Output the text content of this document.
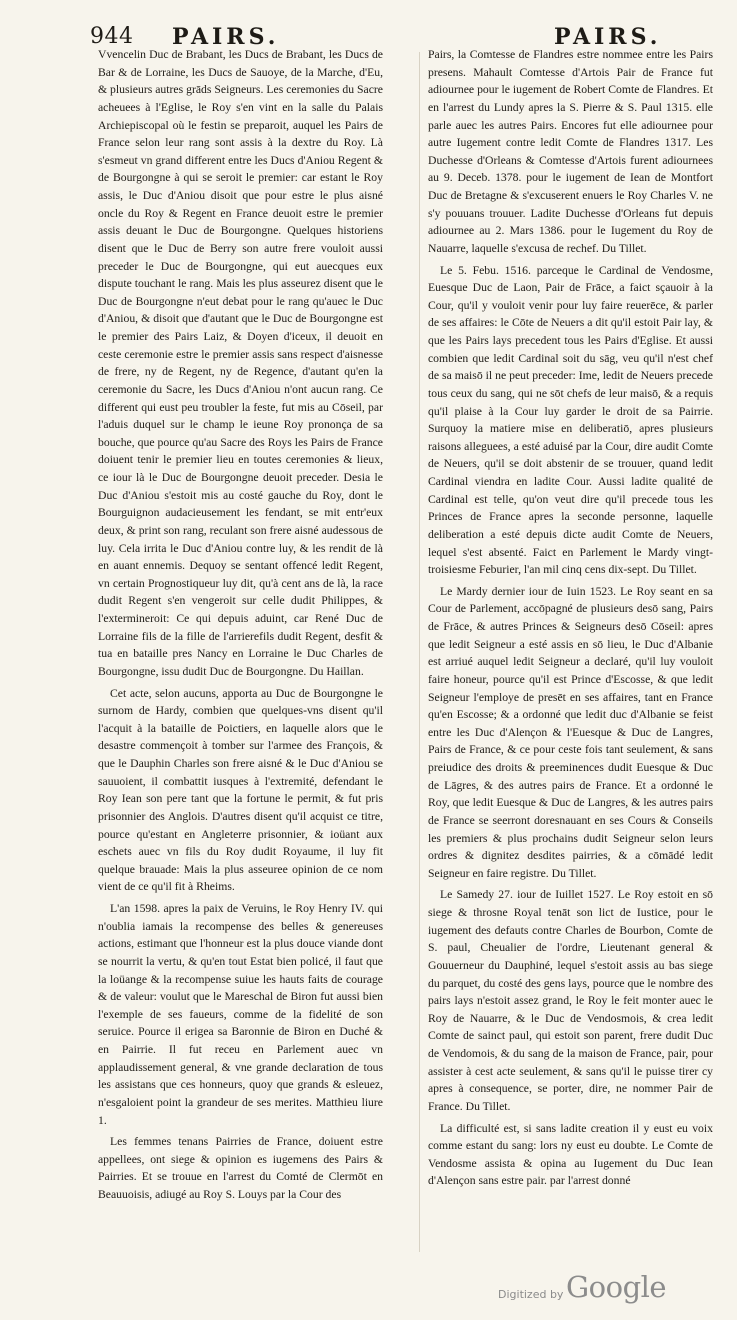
944 PAIRS.	PAIRS.

Vvencelin Duc de Brabant, les Ducs de Brabant, les Ducs de Bar & de Lorraine, les Ducs de Sauoye, de la Marche, d'Eu, & plusieurs autres grāds Seigneurs. Les ceremonies du Sacre acheuees à l'Eglise, le Roy s'en vint en la salle du Palais Archiepiscopal où le festin se preparoit, auquel les Pairs de France selon leur rang sont assis à la dextre du Roy. Là s'esmeut vn grand different entre les Ducs d'Aniou Regent & de Bourgongne à qui se seroit le premier: car estant le Roy assis, le Duc d'Aniou disoit que pour estre le plus aisné oncle du Roy & Regent en France deuoit estre le premier assis deuant le Duc de Bourgongne. Quelques historiens disent que le Duc de Berry son autre frere vouloit aussi preceder le Duc de Bourgongne, qui eut auecques eux dispute touchant le rang. Mais les plus asseurez disent que le Duc de Bourgongne n'eut debat pour le rang qu'auec le Duc d'Aniou, & disoit que d'autant que le Duc de Bourgongne est le premier des Pairs Laiz, & Doyen d'iceux, il deuoit en ceste ceremonie estre le premier assis sans respect d'aisnesse de frere, ny de Regent, ny de Regence, d'autant qu'en la ceremonie du Sacre, les Ducs d'Aniou n'ont aucun rang. Ce different qui eust peu troubler la feste, fut mis au Cōseil, par l'aduis duquel sur le champ le ieune Roy prononça de sa bouche, que pource qu'au Sacre des Roys les Pairs de France doiuent tenir le premier lieu en toutes ceremonies & lieux, ce iour là le Duc de Bourgongne deuoit preceder. Desia le Duc d'Aniou s'estoit mis au costé gauche du Roy, dont le Bourguignon audacieusement les fendant, se mit entr'eux deux, & print son rang, reculant son frere aisné audessous de luy. Cela irrita le Duc d'Aniou contre luy, & les rendit de là en auant ennemis. Dequoy se sentant offencé ledit Regent, vn certain Prognostiqueur luy dit, qu'à cent ans de là, la race dudit Regent s'en vengeroit sur celle dudit Philippes, & l'extermineroit: Ce qui depuis aduint, car René Duc de Lorraine fils de la fille de l'arrierefils dudit Regent, desfit & tua en bataille pres Nancy en Lorraine le Duc Charles de Bourgongne, issu dudit Duc de Bourgongne. Du Haillan.

Cet acte, selon aucuns, apporta au Duc de Bourgongne le surnom de Hardy, combien que quelques-vns disent qu'il l'acquit à la bataille de Poictiers, en laquelle alors que le desastre commençoit à tomber sur l'armee des François, & que le Dauphin Charles son frere aisné & le Duc d'Aniou se sauuoient, il combattit iusques à l'extremité, defendant le Roy Iean son pere tant que la fortune le permit, & fut pris prisonnier des Anglois. D'autres disent qu'il acquist ce titre, pource qu'estant en Angleterre prisonnier, & ioüant aux eschets auec vn fils du Roy dudit Royaume, il luy fit quelque brauade: Mais la plus asseuree opinion de ce nom vient de ce qu'il fit à Rheims.

L'an 1598. apres la paix de Veruins, le Roy Henry IV. qui n'oublia iamais la recompense des belles & genereuses actions, estimant que l'honneur est la plus douce viande dont se nourrit la vertu, & qu'en tout Estat bien policé, il faut que la loüange & la recompense suiue les hauts faits de courage & de valeur: voulut que le Mareschal de Biron fut aussi bien l'exemple de ses faueurs, comme de la fidelité de son seruice. Pource il erigea sa Baronnie de Biron en Duché & en Pairrie. Il fut receu en Parlement auec vn applaudissement general, & vne grande declaration de tous les assistans que ces honneurs, quoy que grands & esleuez, n'esgaloient point la grandeur de ses merites. Matthieu liure 1.

Les femmes tenans Pairries de France, doiuent estre appellees, ont siege & opinion es iugemens des Pairs & Pairries. Et se trouue en l'arrest du Comté de Clermōt en Beauuoisis, adiugé au Roy S. Louys par la Cour des

Pairs, la Comtesse de Flandres estre nommee entre les Pairs presens. Mahault Comtesse d'Artois Pair de France fut adiournee pour le iugement de Robert Comte de Flandres. Et en l'arrest du Lundy apres la S. Pierre & S. Paul 1315. elle parle auec les autres Pairs. Encores fut elle adiournee pour autre Iugement contre ledit Comte de Flandres 1317. Les Duchesse d'Orleans & Comtesse d'Artois furent adiournees au 9. Deceb. 1378. pour le iugement de Iean de Montfort Duc de Bretagne & s'excuserent enuers le Roy Charles V. ne s'y pouuans trouuer. Ladite Duchesse d'Orleans fut depuis adiournee au 2. Mars 1386. pour le Iugement du Roy de Nauarre, laquelle s'excusa de rechef. Du Tillet.

Le 5. Febu. 1516. parceque le Cardinal de Vendosme, Euesque Duc de Laon, Pair de Frāce, a faict sçauoir à la Cour, qu'il y vouloit venir pour luy faire reuerēce, & parler de ses affaires: le Cōte de Neuers a dit qu'il estoit Pair lay, & que les Pairs lays precedent tous les Pairs d'Eglise. Et aussi combien que ledit Cardinal soit du sāg, veu qu'il n'est chef de sa maisō il ne peut preceder: Ime, ledit de Neuers precede tous ceux du sang, qui ne sōt chefs de leur maisō, & a requis qu'il plaise à la Cour luy garder le droit de sa Pairrie. Surquoy la matiere mise en deliberatiō, apres plusieurs raisons alleguees, a esté aduisé par la Cour, dire audit Comte de Neuers, qu'il se doit abstenir de se trouuer, quand ledit Cardinal viendra en ladite Cour. Aussi ladite qualité de Cardinal est telle, qu'on veut dire qu'il precede tous les Princes de France apres la seconde personne, laquelle deliberation a esté depuis dicte audit Comte de Neuers, lequel s'est absenté. Faict en Parlement le Mardy vingt-troisiesme Feburier, l'an mil cinq cens dix-sept. Du Tillet.

Le Mardy dernier iour de Iuin 1523. Le Roy seant en sa Cour de Parlement, accōpagné de plusieurs desō sang, Pairs de Frāce, & autres Princes & Seigneurs desō Cōseil: apres que ledit Seigneur a esté assis en sō lieu, le Duc d'Albanie est arriué auquel ledit Seigneur a declaré, qu'il luy vouloit faire honeur, pource qu'il est Prince d'Escosse, & que ledit Seigneur l'employe de presēt en ses affaires, tant en France qu'en Escosse; & a ordonné que ledit duc d'Albanie se feist entre les Duc d'Alençon & l'Euesque & Duc de Langres, Pairs de France, & ce pour ceste fois tant seulement, & sans preiudice des droits & preeminences dudit Euesque & Duc de Lāgres, & des autres pairs de France. Et a ordonné le Roy, que ledit Euesque & Duc de Langres, & les autres pairs de France se seerront doresnauant en ses Cours & Conseils les premiers & plus prochains dudit Seigneur selon leurs ordres & dignitez desdites pairries, & a cōmādé ledit Seigneur en faire registre. Du Tillet.

Le Samedy 27. iour de Iuillet 1527. Le Roy estoit en sō siege & throsne Royal tenāt son lict de Iustice, pour le iugement des defauts contre Charles de Bourbon, Comte de S. paul, Cheualier de l'ordre, Lieutenant general & Gouuerneur du Dauphiné, lequel s'estoit assis au bas siege du parquet, du costé des gens lays, pource que le nombre des pairs lays n'estoit assez grand, le Roy le feit monter auec le Roy de Nauarre, & le Duc de Vendosmois, & crea ledit Comte de sainct paul, qui estoit son parent, frere dudit Duc de Vendomois, & du sang de la maison de France, pair, pour assister à cest acte seulement, & sans qu'il le puisse tirer cy apres à consequence, se porter, dire, ne nommer Pair de France. Du Tillet.

La difficulté est, si sans ladite creation il y eust eu voix comme estant du sang: lors ny eust eu doubte. Le Comte de Vendosme assista & opina au Iugement du Duc Iean d'Alençon sans estre pair. par l'arrest donné

Digitized by Google
